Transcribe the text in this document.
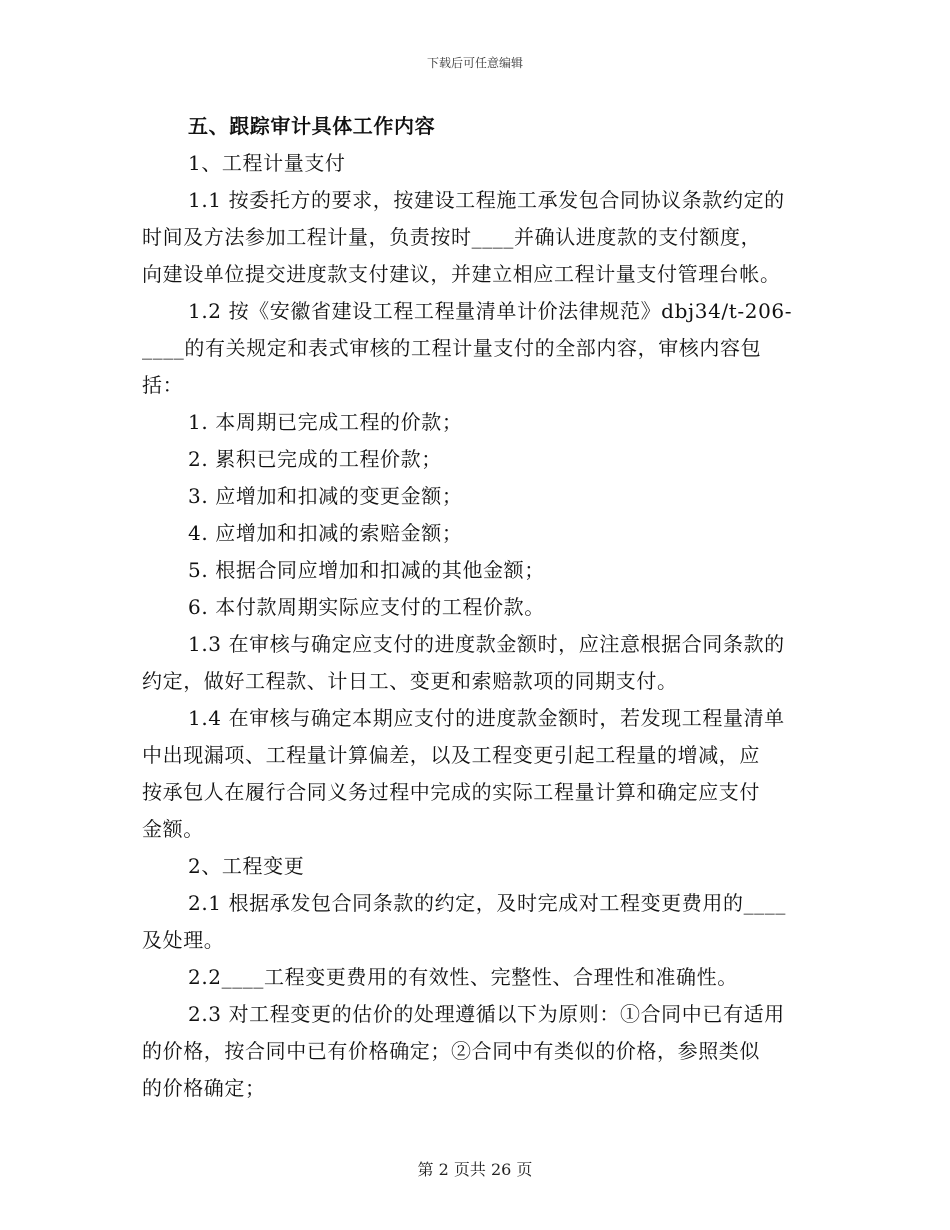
下载后可任意编辑
五、跟踪审计具体工作内容
1、工程计量支付
1.1 按委托方的要求，按建设工程施工承发包合同协议条款约定的
时间及方法参加工程计量，负责按时____并确认进度款的支付额度，
向建设单位提交进度款支付建议，并建立相应工程计量支付管理台帐。
1.2 按《安徽省建设工程工程量清单计价法律规范》dbj34/t-206-
____的有关规定和表式审核的工程计量支付的全部内容，审核内容包
括：
1. 本周期已完成工程的价款；
2. 累积已完成的工程价款；
3. 应增加和扣减的变更金额；
4. 应增加和扣减的索赔金额；
5. 根据合同应增加和扣减的其他金额；
6. 本付款周期实际应支付的工程价款。
1.3 在审核与确定应支付的进度款金额时，应注意根据合同条款的
约定，做好工程款、计日工、变更和索赔款项的同期支付。
1.4 在审核与确定本期应支付的进度款金额时，若发现工程量清单
中出现漏项、工程量计算偏差，以及工程变更引起工程量的增减，应
按承包人在履行合同义务过程中完成的实际工程量计算和确定应支付
金额。
2、工程变更
2.1 根据承发包合同条款的约定，及时完成对工程变更费用的____
及处理。
2.2____工程变更费用的有效性、完整性、合理性和准确性。
2.3 对工程变更的估价的处理遵循以下为原则：①合同中已有适用
的价格，按合同中已有价格确定；②合同中有类似的价格，参照类似
的价格确定；
第 2 页共 26 页
